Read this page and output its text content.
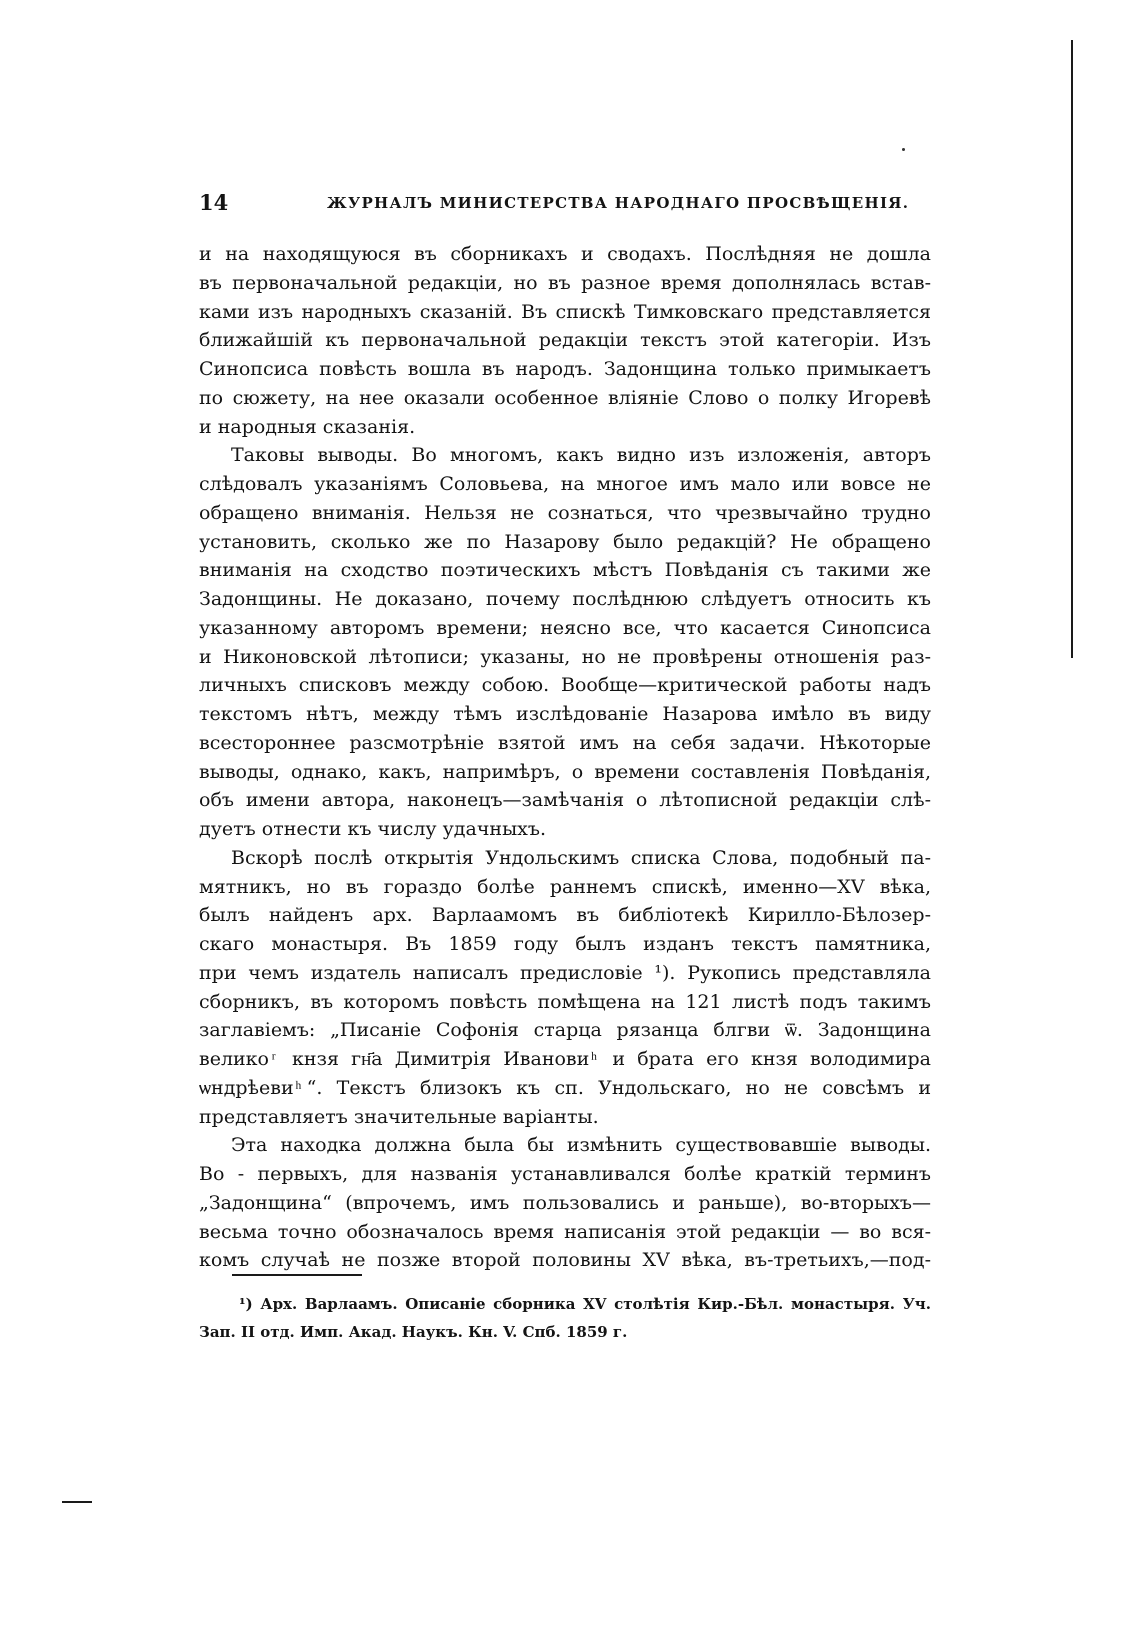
14	ЖУРНАЛЪ МИНИСТЕРСТВА НАРОДНАГО ПРОСВѢЩЕНІЯ.
и на находящуюся въ сборникахъ и сводахъ. Послѣдняя не дошла
въ первоначальной редакціи, но въ разное время дополнялась встав-
ками изъ народныхъ сказаній. Въ спискѣ Тимковскаго представляется
ближайшій къ первоначальной редакціи текстъ этой категоріи. Изъ
Синопсиса повѣсть вошла въ народъ. Задонщина только примыкаетъ
по сюжету, на нее оказали особенное вліяніе Слово о полку Игоревѣ
и народныя сказанія.
Таковы выводы. Во многомъ, какъ видно изъ изложенія, авторъ
слѣдовалъ указаніямъ Соловьева, на многое имъ мало или вовсе не
обращено вниманія. Нельзя не сознаться, что чрезвычайно трудно
установить, сколько же по Назарову было редакцій? Не обращено
вниманія на сходство поэтическихъ мѣстъ Повѣданія съ такими же
Задонщины. Не доказано, почему послѣднюю слѣдуетъ относить къ
указанному авторомъ времени; неясно все, что касается Синопсиса
и Никоновской лѣтописи; указаны, но не провѣрены отношенія раз-
личныхъ списковъ между собою. Вообще—критической работы надъ
текстомъ нѣтъ, между тѣмъ изслѣдованіе Назарова имѣло въ виду
всестороннее разсмотрѣніе взятой имъ на себя задачи. Нѣкоторые
выводы, однако, какъ, напримѣръ, о времени составленія Повѣданія,
объ имени автора, наконецъ—замѣчанія о лѣтописной редакціи слѣ-
дуетъ отнести къ числу удачныхъ.
Вскорѣ послѣ открытія Ундольскимъ списка Слова, подобный па-
мятникъ, но въ гораздо болѣе раннемъ спискѣ, именно—XV вѣка,
былъ найденъ арх. Варлаамомъ въ библіотекѣ Кирилло-Бѣлозер-
скаго монастыря. Въ 1859 году былъ изданъ текстъ памятника,
при чемъ издатель написалъ предисловіе ¹). Рукопись представляла
сборникъ, въ которомъ повѣсть помѣщена на 121 листѣ подъ такимъ
заглавіемъ: „Писаніе Софонія старца рязанца блгви ѿ. Задонщина
велико ͬ кнзя гн҃а Димитрія Иванови ͪ и брата его кнзя володимира
ѡндрѣеви ͪ“. Текстъ близокъ къ сп. Ундольскаго, но не совсѣмъ и
представляетъ значительные варіанты.
Эта находка должна была бы измѣнить существовавшіе выводы.
Во - первыхъ, для названія устанавливался болѣе краткій терминъ
„Задонщина“ (впрочемъ, имъ пользовались и раньше), во-вторыхъ—
весьма точно обозначалось время написанія этой редакціи — во вся-
комъ случаѣ не позже второй половины XV вѣка, въ-третьихъ,—под-
¹) Арх. Варлаамъ. Описаніе сборника XV столѣтія Кир.-Бѣл. монастыря. Уч.
Зап. II отд. Имп. Акад. Наукъ. Кн. V. Спб. 1859 г.
